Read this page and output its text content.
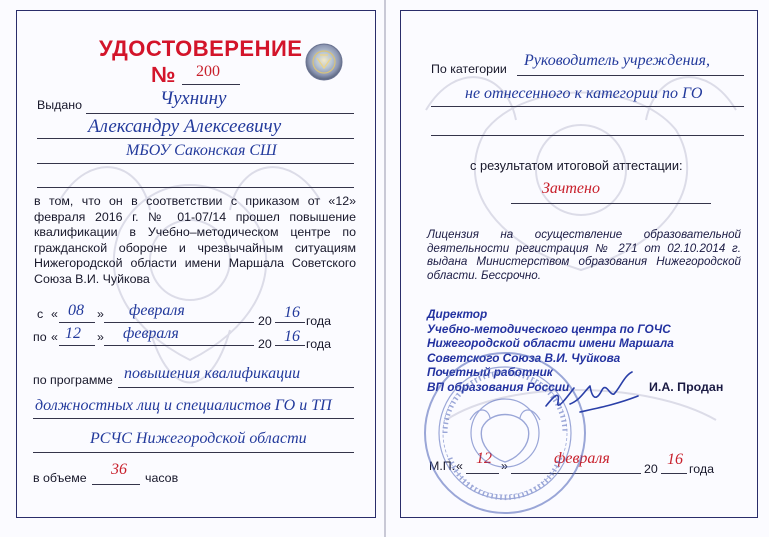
УДОСТОВЕРЕНИЕ
№ 200
Выдано	Чухнину
Александру Алексеевичу
МБОУ Саконская СШ
в том, что он в соответствии с приказом от «12» февраля 2016 г. № 01-07/14 прошел повышение квалификации в Учебно–методическом центре по гражданской обороне и чрезвычайным ситуациям Нижегородской области имени Маршала Советского Союза В.И. Чуйкова
с « 08 » февраля
20 16 года
по « 12 » февраля
20 16 года
по программе повышения квалификации
должностных лиц и специалистов ГО и ТП
РСЧС Нижегородской области
в объеме 36 часов
По категории Руководитель учреждения,
не отнесенного к категории по ГО
с результатом итоговой аттестации:
Зачтено
Лицензия на осуществление образовательной деятельности регистрация № 271 от 02.10.2014 г. выдана Министерством образования Нижегородской области. Бессрочно.
Директор
Учебно-методического центра по ГОЧС
Нижегородской области имени Маршала
Советского Союза В.И. Чуйкова
Почетный работник
ВП образования России	И.А. Продан
М.П. « 12 »	февраля
20
16
года
